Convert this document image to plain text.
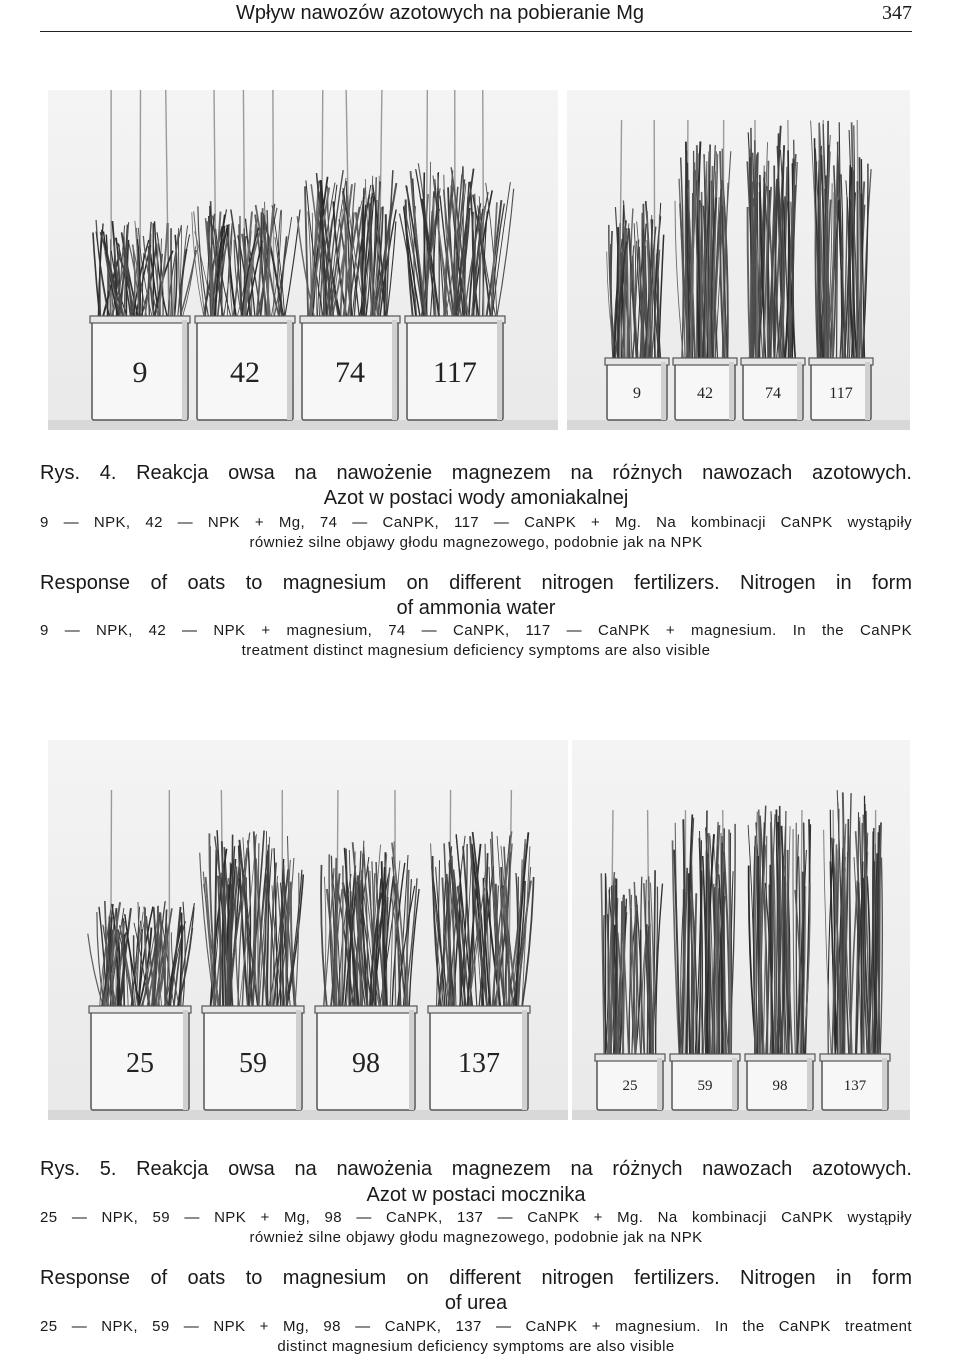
Wpływ nawozów azotowych na pobieranie Mg	347
9	42	74 117
9	42	74	117
Rys. 4. Reakcja owsa na nawożenie magnezem na różnych nawozach azotowych.
Azot w postaci wody amoniakalnej
9 — NPK, 42 — NPK + Mg, 74 — CaNPK, 117 — CaNPK + Mg. Na kombinacji CaNPK wystąpiły
również silne objawy głodu magnezowego, podobnie jak na NPK
Response of oats to magnesium on different nitrogen fertilizers. Nitrogen in form
of ammonia water
9 — NPK, 42 — NPK + magnesium, 74 — CaNPK, 117 — CaNPK + magnesium. In the CaNPK
treatment distinct magnesium deficiency symptoms are also visible
25	59	98	137
25	59	98	137
Rys. 5. Reakcja owsa na nawożenia magnezem na różnych nawozach azotowych.
Azot w postaci mocznika
25 — NPK, 59 — NPK + Mg, 98 — CaNPK, 137 — CaNPK + Mg. Na kombinacji CaNPK wystąpiły
również silne objawy głodu magnezowego, podobnie jak na NPK
Response of oats to magnesium on different nitrogen fertilizers. Nitrogen in form
of urea
25 — NPK, 59 — NPK + Mg, 98 — CaNPK, 137 — CaNPK + magnesium. In the CaNPK treatment
distinct magnesium deficiency symptoms are also visible
